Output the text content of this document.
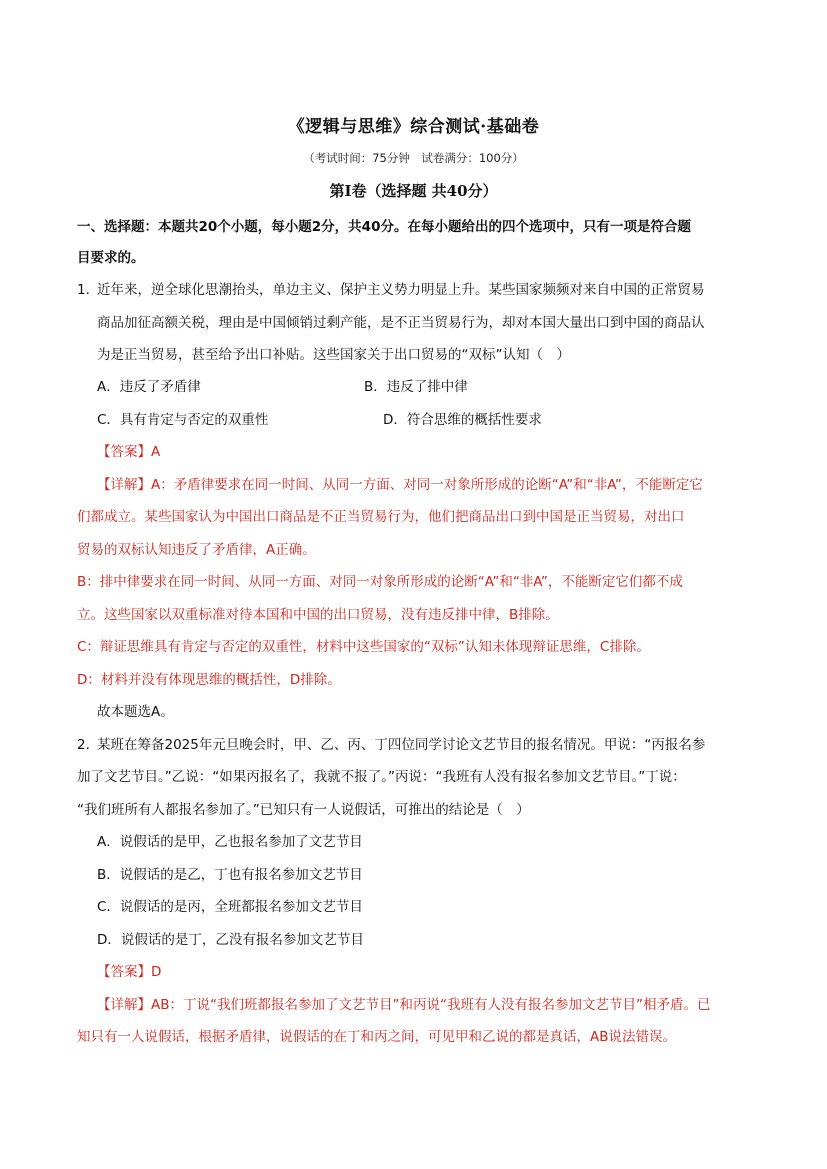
《逻辑与思维》综合测试·基础卷
（考试时间：75分钟　试卷满分：100分）
第I卷（选择题 共40分）
一、选择题：本题共20个小题，每小题2分，共40分。在每小题给出的四个选项中，只有一项是符合题
目要求的。
1．
近年来，逆全球化思潮抬头，单边主义、保护主义势力明显上升。某些国家频频对来自中国的正常贸易
商品加征高额关税，理由是中国倾销过剩产能，是不正当贸易行为，却对本国大量出口到中国的商品认
为是正当贸易，甚至给予出口补贴。这些国家关于出口贸易的“双标”认知（　）
A．违反了矛盾律	B．违反了排中律
C．具有肯定与否定的双重性	D．符合思维的概括性要求
【答案】A
【详解】A：矛盾律要求在同一时间、从同一方面、对同一对象所形成的论断“A”和“非A”，不能断定它
们都成立。某些国家认为中国出口商品是不正当贸易行为，他们把商品出口到中国是正当贸易，对出口
贸易的双标认知违反了矛盾律，A正确。
B：排中律要求在同一时间、从同一方面、对同一对象所形成的论断“A”和“非A”，不能断定它们都不成
立。这些国家以双重标准对待本国和中国的出口贸易，没有违反排中律，B排除。
C：辩证思维具有肯定与否定的双重性，材料中这些国家的“双标”认知未体现辩证思维，C排除。
D：材料并没有体现思维的概括性，D排除。
故本题选A。
2．
某班在筹备2025年元旦晚会时，甲、乙、丙、丁四位同学讨论文艺节目的报名情况。甲说：“丙报名参
加了文艺节目。”乙说：“如果丙报名了，我就不报了。”丙说：“我班有人没有报名参加文艺节目。”丁说：
“我们班所有人都报名参加了。”已知只有一人说假话，可推出的结论是（　）
A．说假话的是甲，乙也报名参加了文艺节目
B．说假话的是乙，丁也有报名参加文艺节目
C．说假话的是丙，全班都报名参加文艺节目
D．说假话的是丁，乙没有报名参加文艺节目
【答案】D
【详解】AB：丁说“我们班都报名参加了文艺节目”和丙说“我班有人没有报名参加文艺节目”相矛盾。已
知只有一人说假话，根据矛盾律，说假话的在丁和丙之间，可见甲和乙说的都是真话，AB说法错误。
